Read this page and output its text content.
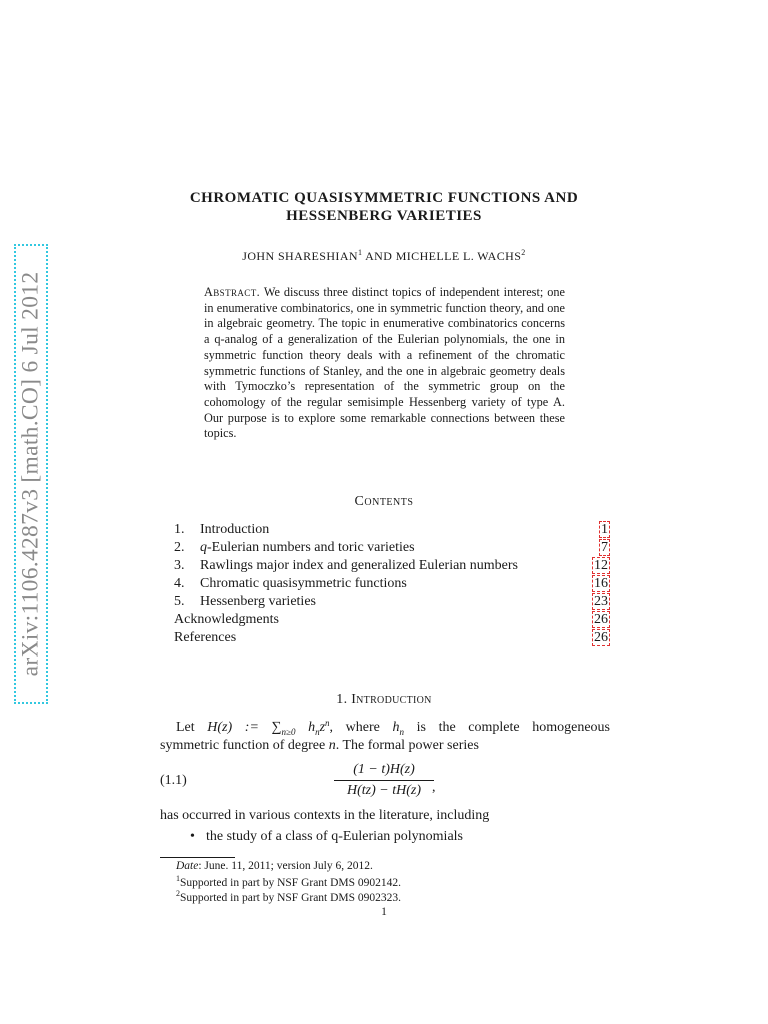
arXiv:1106.4287v3 [math.CO] 6 Jul 2012
CHROMATIC QUASISYMMETRIC FUNCTIONS AND
HESSENBERG VARIETIES
JOHN SHARESHIAN$^1$ AND MICHELLE L. WACHS$^2$
Abstract. We discuss three distinct topics of independent interest; one in enumerative combinatorics, one in symmetric function theory, and one in algebraic geometry. The topic in enumerative combinatorics concerns a q-analog of a generalization of the Eulerian polynomials, the one in symmetric function theory deals with a refinement of the chromatic symmetric functions of Stanley, and the one in algebraic geometry deals with Tymoczko’s representation of the symmetric group on the cohomology of the regular semisimple Hessenberg variety of type A. Our purpose is to explore some remarkable connections between these topics.
Contents
1. Introduction	1
2. q-Eulerian numbers and toric varieties	7
3. Rawlings major index and generalized Eulerian numbers	12
4. Chromatic quasisymmetric functions	16
5. Hessenberg varieties	23
Acknowledgments	26
References	26
1. Introduction
Let H(z) := $\sum_{n\ge 0}$ $h_nz^n$, where $h_n$ is the complete homogeneous
symmetric function of degree n. The formal power series
(1.1)	$\frac{(1 - t)H(z)}{H(tz) - tH(z)}$
,
has occurred in various contexts in the literature, including
• the study of a class of q-Eulerian polynomials
Date: June. 11, 2011; version July 6, 2012.
$^1$Supported in part by NSF Grant DMS 0902142.
$^2$Supported in part by NSF Grant DMS 0902323.
1
